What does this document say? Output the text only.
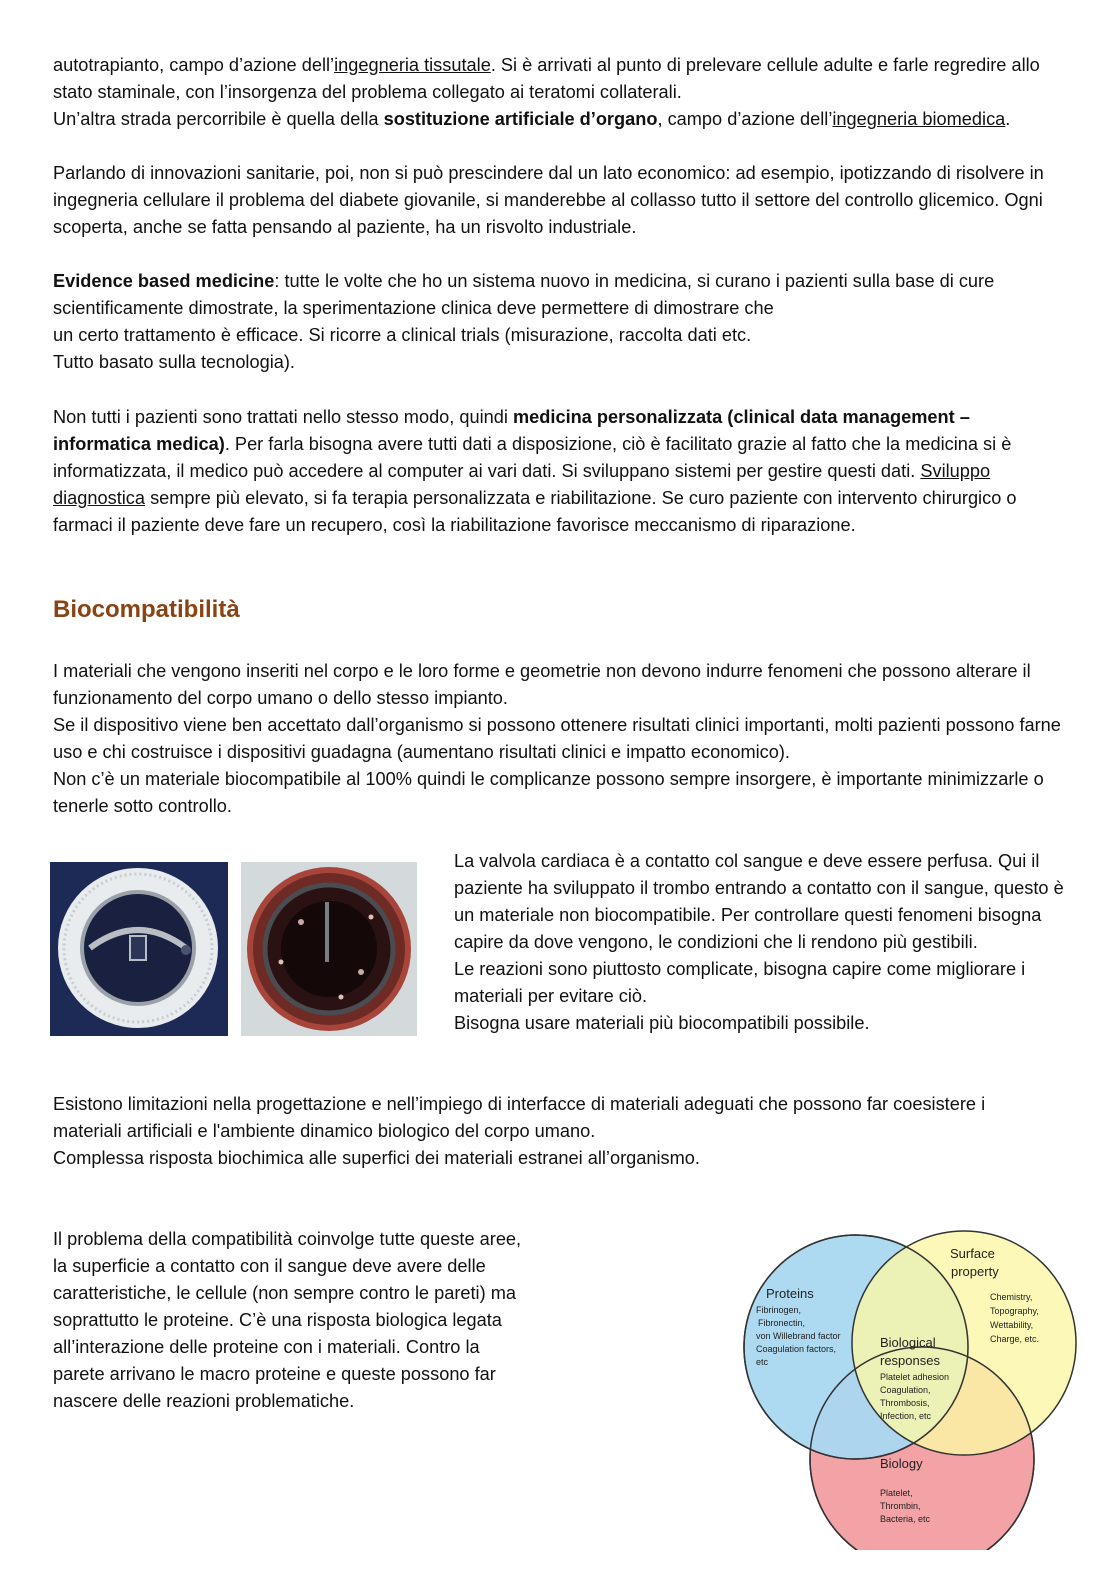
autotrapianto, campo d’azione dell’ingegneria tissutale. Si è arrivati al punto di prelevare cellule adulte e farle regredire allo stato staminale, con l’insorgenza del problema collegato ai teratomi collaterali.

Un’altra strada percorribile è quella della sostituzione artificiale d’organo, campo d’azione dell’ingegneria biomedica.

Parlando di innovazioni sanitarie, poi, non si può prescindere dal un lato economico: ad esempio, ipotizzando di risolvere in ingegneria cellulare il problema del diabete giovanile, si manderebbe al collasso tutto il settore del controllo glicemico. Ogni scoperta, anche se fatta pensando al paziente, ha un risvolto industriale.

Evidence based medicine: tutte le volte che ho un sistema nuovo in medicina, si curano i pazienti sulla base di cure scientificamente dimostrate, la sperimentazione clinica deve permettere di dimostrare che
un certo trattamento è efficace. Si ricorre a clinical trials (misurazione, raccolta dati etc.
Tutto basato sulla tecnologia).

Non tutti i pazienti sono trattati nello stesso modo, quindi medicina personalizzata (clinical data management – informatica medica). Per farla bisogna avere tutti dati a disposizione, ciò è facilitato grazie al fatto che la medicina si è informatizzata, il medico può accedere al computer ai vari dati. Si sviluppano sistemi per gestire questi dati. Sviluppo diagnostica sempre più elevato, si fa terapia personalizzata e riabilitazione. Se curo paziente con intervento chirurgico o farmaci il paziente deve fare un recupero, così la riabilitazione favorisce meccanismo di riparazione.

Biocompatibilità

I materiali che vengono inseriti nel corpo e le loro forme e geometrie non devono indurre fenomeni che possono alterare il funzionamento del corpo umano o dello stesso impianto.

Se il dispositivo viene ben accettato dall’organismo si possono ottenere risultati clinici importanti, molti pazienti possono farne uso e chi costruisce i dispositivi guadagna (aumentano risultati clinici e impatto economico).

Non c’è un materiale biocompatibile al 100% quindi le complicanze possono sempre insorgere, è importante minimizzarle o tenerle sotto controllo.

La valvola cardiaca è a contatto col sangue e deve essere perfusa. Qui il paziente ha sviluppato il trombo entrando a contatto con il sangue, questo è un materiale non biocompatibile. Per controllare questi fenomeni bisogna capire da dove vengono, le condizioni che li rendono più gestibili.
Le reazioni sono piuttosto complicate, bisogna capire come migliorare i materiali per evitare ciò.
Bisogna usare materiali più biocompatibili possibile.

Esistono limitazioni nella progettazione e nell’impiego di interfacce di materiali adeguati che possono far coesistere i materiali artificiali e l'ambiente dinamico biologico del corpo umano.
Complessa risposta biochimica alle superfici dei materiali estranei all’organismo.

Il problema della compatibilità coinvolge tutte queste aree, la superficie a contatto con il sangue deve avere delle caratteristiche, le cellule (non sempre contro le pareti) ma soprattutto le proteine. C’è una risposta biologica legata all’interazione delle proteine con i materiali. Contro la parete arrivano le macro proteine e queste possono far nascere delle reazioni problematiche.

Proteins
Fibrinogen,
Fibronectin,
von Willebrand factor
Coagulation factors,
etc
Surface
property
Chemistry,
Topography,
Wettability,
Charge, etc.
Biological
responses
Platelet adhesion
Coagulation,
Thrombosis,
Infection, etc
Biology
Platelet,
Thrombin,
Bacteria, etc
